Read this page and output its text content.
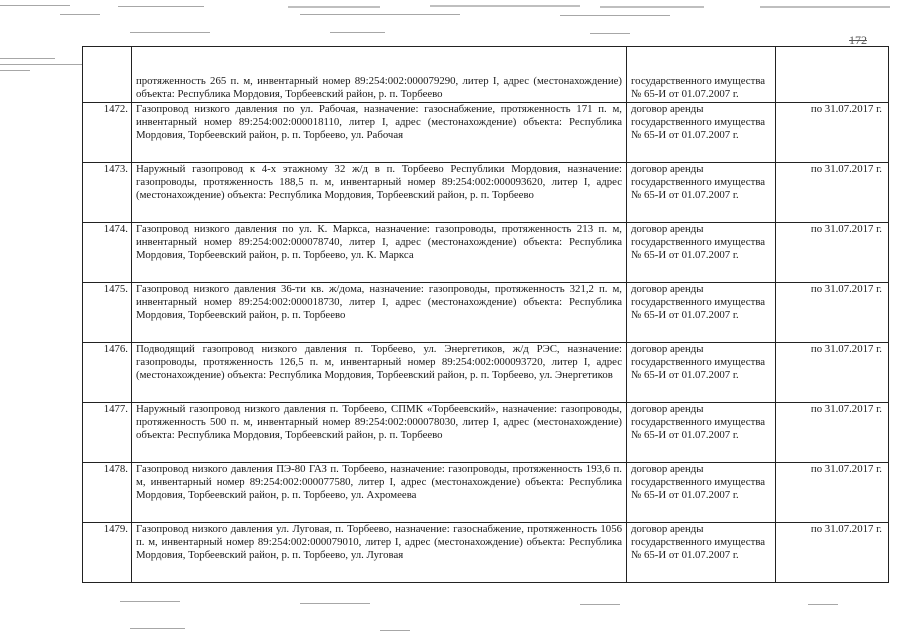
172

	протяженность 265 п. м, инвентарный номер 89:254:002:000079290, литер I, адрес (местонахождение) объекта: Республика Мордовия, Торбеевский район, р. п. Торбеево	государственного имущества № 65-И от 01.07.2007 г.	

1472.	Газопровод низкого давления по ул. Рабочая, назначение: газоснабжение, протяженность 171 п. м, инвентарный номер 89:254:002:000018110, литер I, адрес (местонахождение) объекта: Республика Мордовия, Торбеевский район, р. п. Торбеево, ул. Рабочая	договор аренды государственного имущества № 65-И от 01.07.2007 г.	по 31.07.2017 г.
1473.	Наружный газопровод к 4-х этажному 32 ж/д в п. Торбеево Республики Мордовия, назначение: газопроводы, протяженность 188,5 п. м, инвентарный номер 89:254:002:000093620, литер I, адрес (местонахождение) объекта: Республика Мордовия, Торбеевский район, р. п. Торбеево	договор аренды государственного имущества № 65-И от 01.07.2007 г.	по 31.07.2017 г.
1474.	Газопровод низкого давления по ул. К. Маркса, назначение: газопроводы, протяженность 213 п. м, инвентарный номер 89:254:002:000078740, литер I, адрес (местонахождение) объекта: Республика Мордовия, Торбеевский район, р. п. Торбеево, ул. К. Маркса	договор аренды государственного имущества № 65-И от 01.07.2007 г.	по 31.07.2017 г.
1475.	Газопровод низкого давления 36-ти кв. ж/дома, назначение: газопроводы, протяженность 321,2 п. м, инвентарный номер 89:254:002:000018730, литер I, адрес (местонахождение) объекта: Республика Мордовия, Торбеевский район, р. п. Торбеево	договор аренды государственного имущества № 65-И от 01.07.2007 г.	по 31.07.2017 г.
1476.	Подводящий газопровод низкого давления п. Торбеево, ул. Энергетиков, ж/д РЭС, назначение: газопроводы, протяженность 126,5 п. м, инвентарный номер 89:254:002:000093720, литер I, адрес (местонахождение) объекта: Республика Мордовия, Торбеевский район, р. п. Торбеево, ул. Энергетиков	договор аренды государственного имущества № 65-И от 01.07.2007 г.	по 31.07.2017 г.
1477.	Наружный газопровод низкого давления п. Торбеево, СПМК «Торбеевский», назначение: газопроводы, протяженность 500 п. м, инвентарный номер 89:254:002:000078030, литер I, адрес (местонахождение) объекта: Республика Мордовия, Торбеевский район, р. п. Торбеево	договор аренды государственного имущества № 65-И от 01.07.2007 г.	по 31.07.2017 г.
1478.	Газопровод низкого давления ПЭ-80 ГАЗ п. Торбеево, назначение: газопроводы, протяженность 193,6 п. м, инвентарный номер 89:254:002:000077580, литер I, адрес (местонахождение) объекта: Республика Мордовия, Торбеевский район, р. п. Торбеево, ул. Ахромеева	договор аренды государственного имущества № 65-И от 01.07.2007 г.	по 31.07.2017 г.
1479.	Газопровод низкого давления ул. Луговая, п. Торбеево, назначение: газоснабжение, протяженность 1056 п. м, инвентарный номер 89:254:002:000079010, литер I, адрес (местонахождение) объекта: Республика Мордовия, Торбеевский район, р. п. Торбеево, ул. Луговая	договор аренды государственного имущества № 65-И от 01.07.2007 г.	по 31.07.2017 г.
